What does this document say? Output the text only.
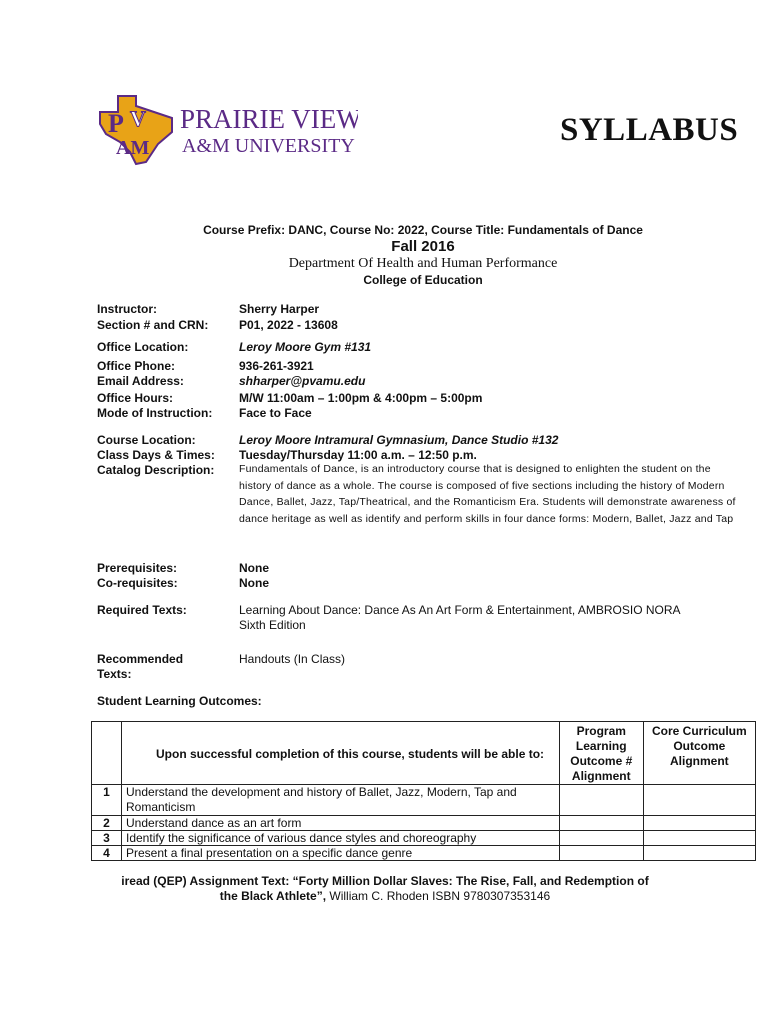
P V
AM
PRAIRIE VIEW
A&M UNIVERSITY	SYLLABUS
Course Prefix: DANC, Course No: 2022, Course Title: Fundamentals of Dance
Fall 2016
Department Of Health and Human Performance
College of Education
Instructor:	Sherry Harper
Section # and CRN:	P01, 2022 - 13608
Office Location:	Leroy Moore Gym #131
Office Phone:	936-261-3921
Email Address:	shharper@pvamu.edu
Office Hours:	M/W 11:00am – 1:00pm & 4:00pm – 5:00pm
Mode of Instruction: Face to Face
Course Location:	Leroy Moore Intramural Gymnasium, Dance Studio #132
Class Days & Times: Tuesday/Thursday 11:00 a.m. – 12:50 p.m.
Catalog Description: Fundamentals of Dance, is an introductory course that is designed to enlighten the student on the history of dance as a whole. The course is composed of five sections including the history of Modern Dance, Ballet, Jazz, Tap/Theatrical, and the Romanticism Era. Students will demonstrate awareness of dance heritage as well as identify and perform skills in four dance forms: Modern, Ballet, Jazz and Tap
Prerequisites:	None
Co-requisites:	None
Required Texts:	Learning About Dance: Dance As An Art Form & Entertainment, AMBROSIO NORA
Sixth Edition
Recommended
Texts:
Handouts (In Class)
Student Learning Outcomes:
	Upon successful completion of this course, students will be able to:	Program Learning Outcome # Alignment	Core Curriculum Outcome Alignment
1	Understand the development and history of Ballet, Jazz, Modern, Tap and Romanticism		
2	Understand dance as an art form		
3	Identify the significance of various dance styles and choreography		
4	Present a final presentation on a specific dance genre		
iread (QEP) Assignment Text: “Forty Million Dollar Slaves: The Rise, Fall, and Redemption of
the Black Athlete”, William C. Rhoden ISBN 9780307353146
